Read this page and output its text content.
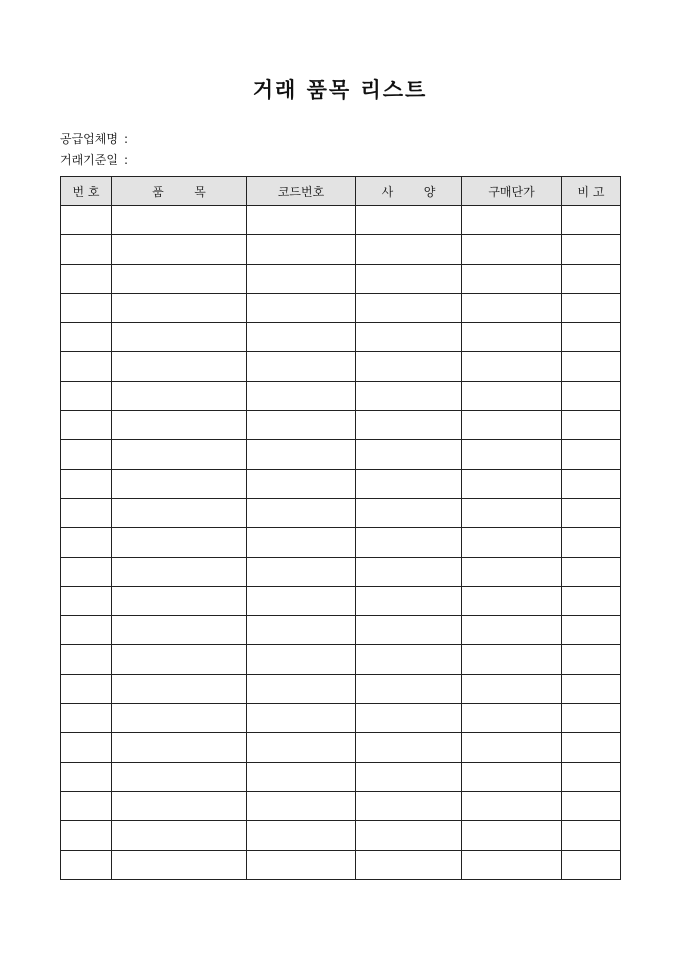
거래 품목 리스트
공급업체명 :
거래기준일 :
번 호	품        목	코드번호	사        양	구매단가	비 고
